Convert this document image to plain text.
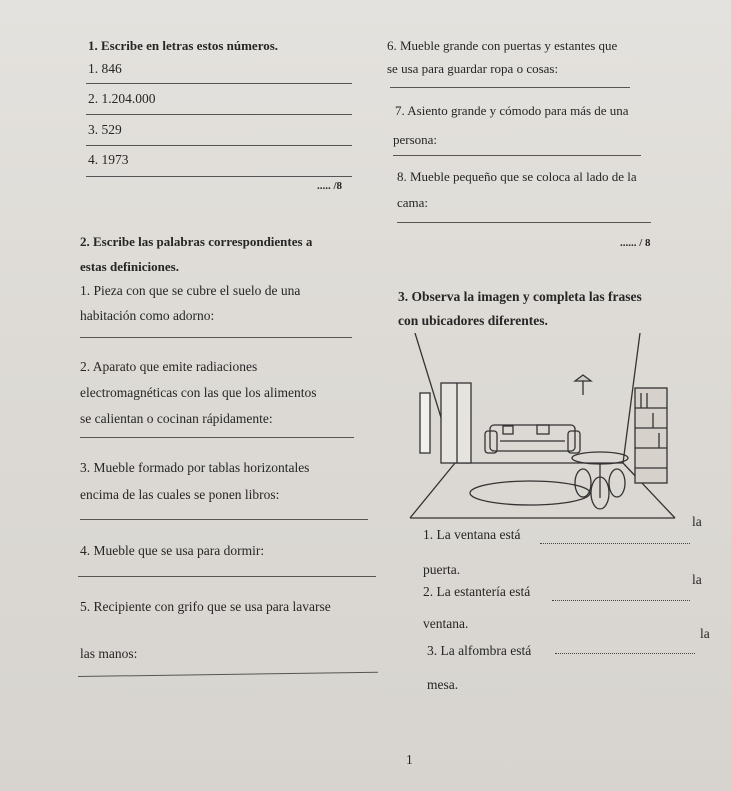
1. Escribe en letras estos números.
1. 846
2. 1.204.000
3. 529
4. 1973
..... /8
2. Escribe las palabras correspondientes a
estas definiciones.
1. Pieza con que se cubre el suelo de una
habitación como adorno:
2. Aparato que emite radiaciones
electromagnéticas con las que los alimentos
se calientan o cocinan rápidamente:
3. Mueble formado por tablas horizontales
encima de las cuales se ponen libros:
4. Mueble que se usa para dormir:
5. Recipiente con grifo que se usa para lavarse
las manos:
6. Mueble grande con puertas y estantes que
se usa para guardar ropa o cosas:
7. Asiento grande y cómodo para más de una
persona:
8. Mueble pequeño que se coloca al lado de la
cama:
...... / 8
3. Observa la imagen y completa las frases
con ubicadores diferentes.
1. La ventana está
la
puerta.
2. La estantería está
la
ventana.
3. La alfombra está
la
mesa.
1
